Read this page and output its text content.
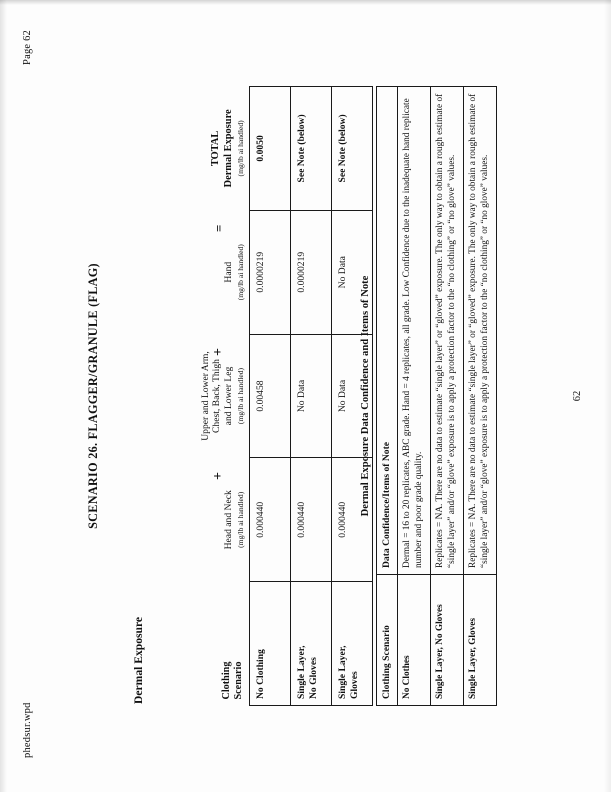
phedsur.wpd
Page 62
SCENARIO 26. FLAGGER/GRANULE (FLAG)
Dermal Exposure	Clothing
Scenario	Head and Neck (mg/lb ai handled)	Upper and Lower Arm,
Chest, Back, Thigh
and Lower Leg (mg/lb ai handled)	Hand (mg/lb ai handled)	TOTAL Dermal Exposure (mg/lb ai handled)

No Clothing	0.000440	0.00458	0.0000219	0.0050
Single Layer,
No Gloves	0.000440	No Data	0.0000219	See Note (below)
Single Layer,
Gloves	0.000440	No Data	No Data	See Note (below)
+
+
=
Dermal Exposure Data Confidence and Items of Note
Clothing Scenario	Data Confidence/Items of Note
No Clothes	Dermal = 16 to 20 replicates, ABC grade. Hand = 4 replicates, all grade. Low Confidence due to the inadequate hand replicate number and poor grade quality.
Single Layer, No Gloves	Replicates = NA. There are no data to estimate “single layer” or “gloved” exposure. The only way to obtain a rough estimate of “single layer” and/or “glove” exposure is to apply a protection factor to the “no clothing” or “no glove” values.
Single Layer, Gloves	Replicates = NA. There are no data to estimate “single layer” or “gloved” exposure. The only way to obtain a rough estimate of “single layer” and/or “glove” exposure is to apply a protection factor to the “no clothing” or “no glove” values.	62
